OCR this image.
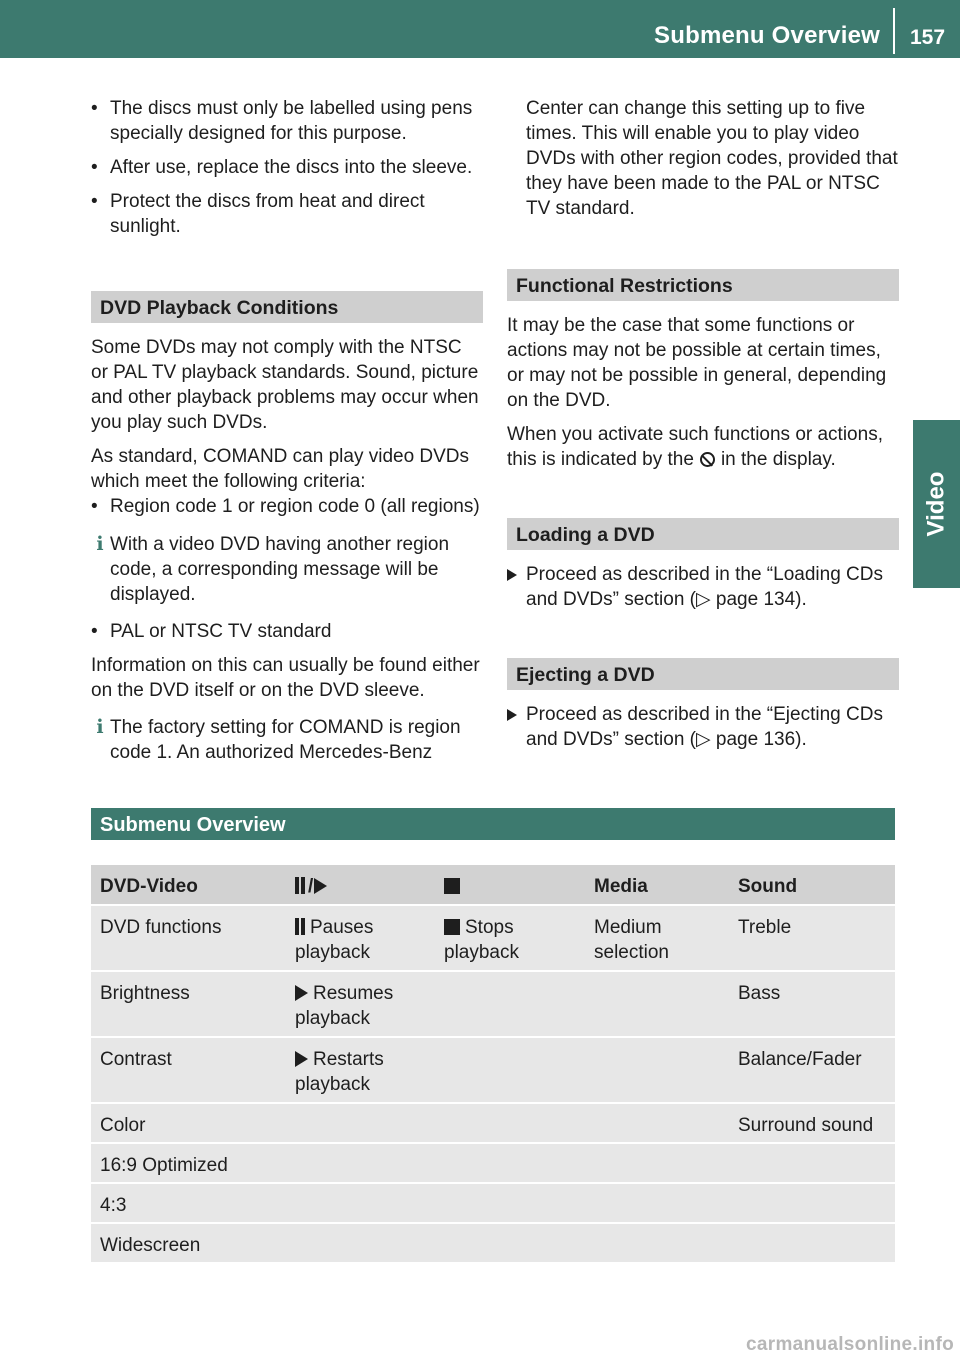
Submenu Overview 157
Video
• The discs must only be labelled using pens specially designed for this purpose.
• After use, replace the discs into the sleeve.
• Protect the discs from heat and direct sunlight.
DVD Playback Conditions

Some DVDs may not comply with the NTSC or PAL TV playback standards. Sound, picture and other playback problems may occur when you play such DVDs.

As standard, COMAND can play video DVDs which meet the following criteria:

• Region code 1 or region code 0 (all regions)
i With a video DVD having another region code, a corresponding message will be displayed.
• PAL or NTSC TV standard

Information on this can usually be found either on the DVD itself or on the DVD sleeve.

i The factory setting for COMAND is region code 1. An authorized Mercedes-Benz

Center can change this setting up to five times. This will enable you to play video DVDs with other region codes, provided that they have been made to the PAL or NTSC TV standard.

Functional Restrictions

It may be the case that some functions or actions may not be possible at certain times, or may not be possible in general, depending on the DVD.

When you activate such functions or actions, this is indicated by the in the display.

Loading a DVD
Proceed as described in the “Loading CDs and DVDs” section (▷ page 134).
Ejecting a DVD
Proceed as described in the “Ejecting CDs and DVDs” section (▷ page 136).
Submenu Overview
DVD-Video	/		Media	Sound
DVD functions	Pauses playback	Stops playback	Medium selection	Treble
Brightness	Resumes playback			Bass
Contrast	Restarts playback			Balance/Fader
Color				Surround sound
16:9 Optimized				
4:3				
Widescreen				
carmanualsonline.info
